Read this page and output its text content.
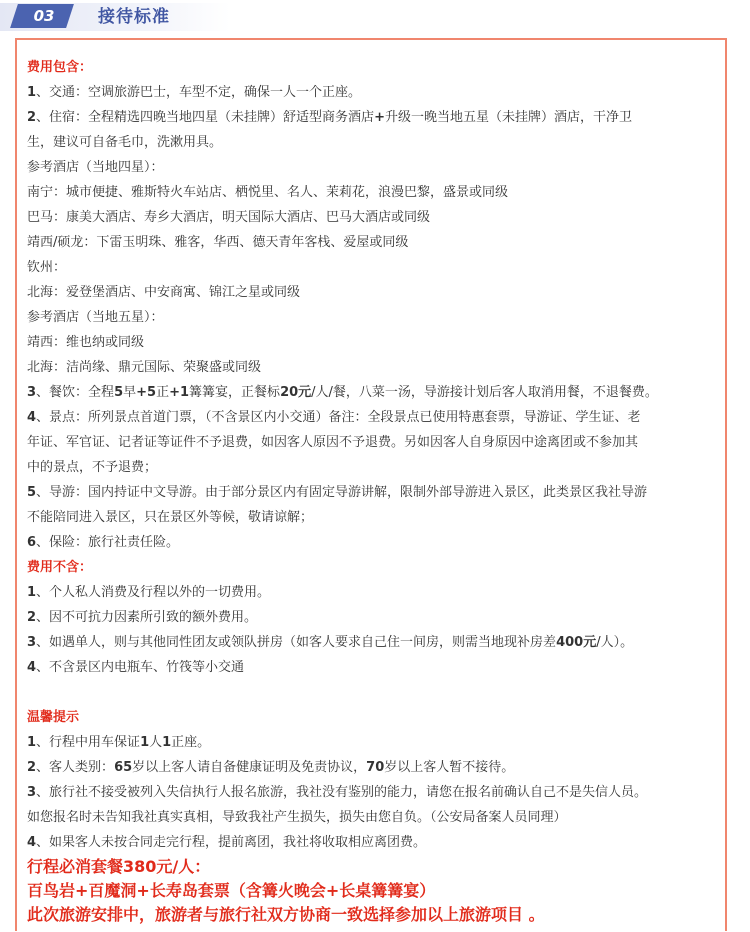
03	接待标准
费用包含：
1、交通：空调旅游巴士，车型不定，确保一人一个正座。
2、住宿：全程精选四晚当地四星（未挂牌）舒适型商务酒店+升级一晚当地五星（未挂牌）酒店，干净卫
生，建议可自备毛巾，洗漱用具。
参考酒店（当地四星）：
南宁：城市便捷、雅斯特火车站店、栖悦里、名人、茉莉花，浪漫巴黎，盛景或同级
巴马：康美大酒店、寿乡大酒店，明天国际大酒店、巴马大酒店或同级
靖西/硕龙：下雷玉明珠、雅客，华西、德天青年客栈、爱屋或同级
钦州：
北海：爱登堡酒店、中安商寓、锦江之星或同级
参考酒店（当地五星）：
靖西：维也纳或同级
北海：洁尚缘、鼎元国际、荣聚盛或同级
3、餐饮：全程5早+5正+1篝篝宴，正餐标20元/人/餐，八菜一汤，导游接计划后客人取消用餐，不退餐费。
4、景点：所列景点首道门票，（不含景区内小交通）备注：全段景点已使用特惠套票，导游证、学生证、老
年证、军官证、记者证等证件不予退费，如因客人原因不予退费。另如因客人自身原因中途离团或不参加其
中的景点，不予退费；
5、导游：国内持证中文导游。由于部分景区内有固定导游讲解，限制外部导游进入景区，此类景区我社导游
不能陪同进入景区，只在景区外等候，敬请谅解；
6、保险：旅行社责任险。
费用不含：
1、个人私人消费及行程以外的一切费用。
2、因不可抗力因素所引致的额外费用。
3、如遇单人，则与其他同性团友或领队拼房（如客人要求自己住一间房，则需当地现补房差400元/人）。
4、不含景区内电瓶车、竹筏等小交通
温馨提示
1、行程中用车保证1人1正座。
2、客人类别：65岁以上客人请自备健康证明及免责协议，70岁以上客人暂不接待。
3、旅行社不接受被列入失信执行人报名旅游，我社没有鉴别的能力，请您在报名前确认自己不是失信人员。
如您报名时未告知我社真实真相，导致我社产生损失，损失由您自负。（公安局备案人员同理）
4、如果客人未按合同走完行程，提前离团，我社将收取相应离团费。
行程必消套餐380元/人：
百鸟岩+百魔洞+长寿岛套票（含篝火晚会+长桌篝篝宴）
此次旅游安排中，旅游者与旅行社双方协商一致选择参加以上旅游项目 。
